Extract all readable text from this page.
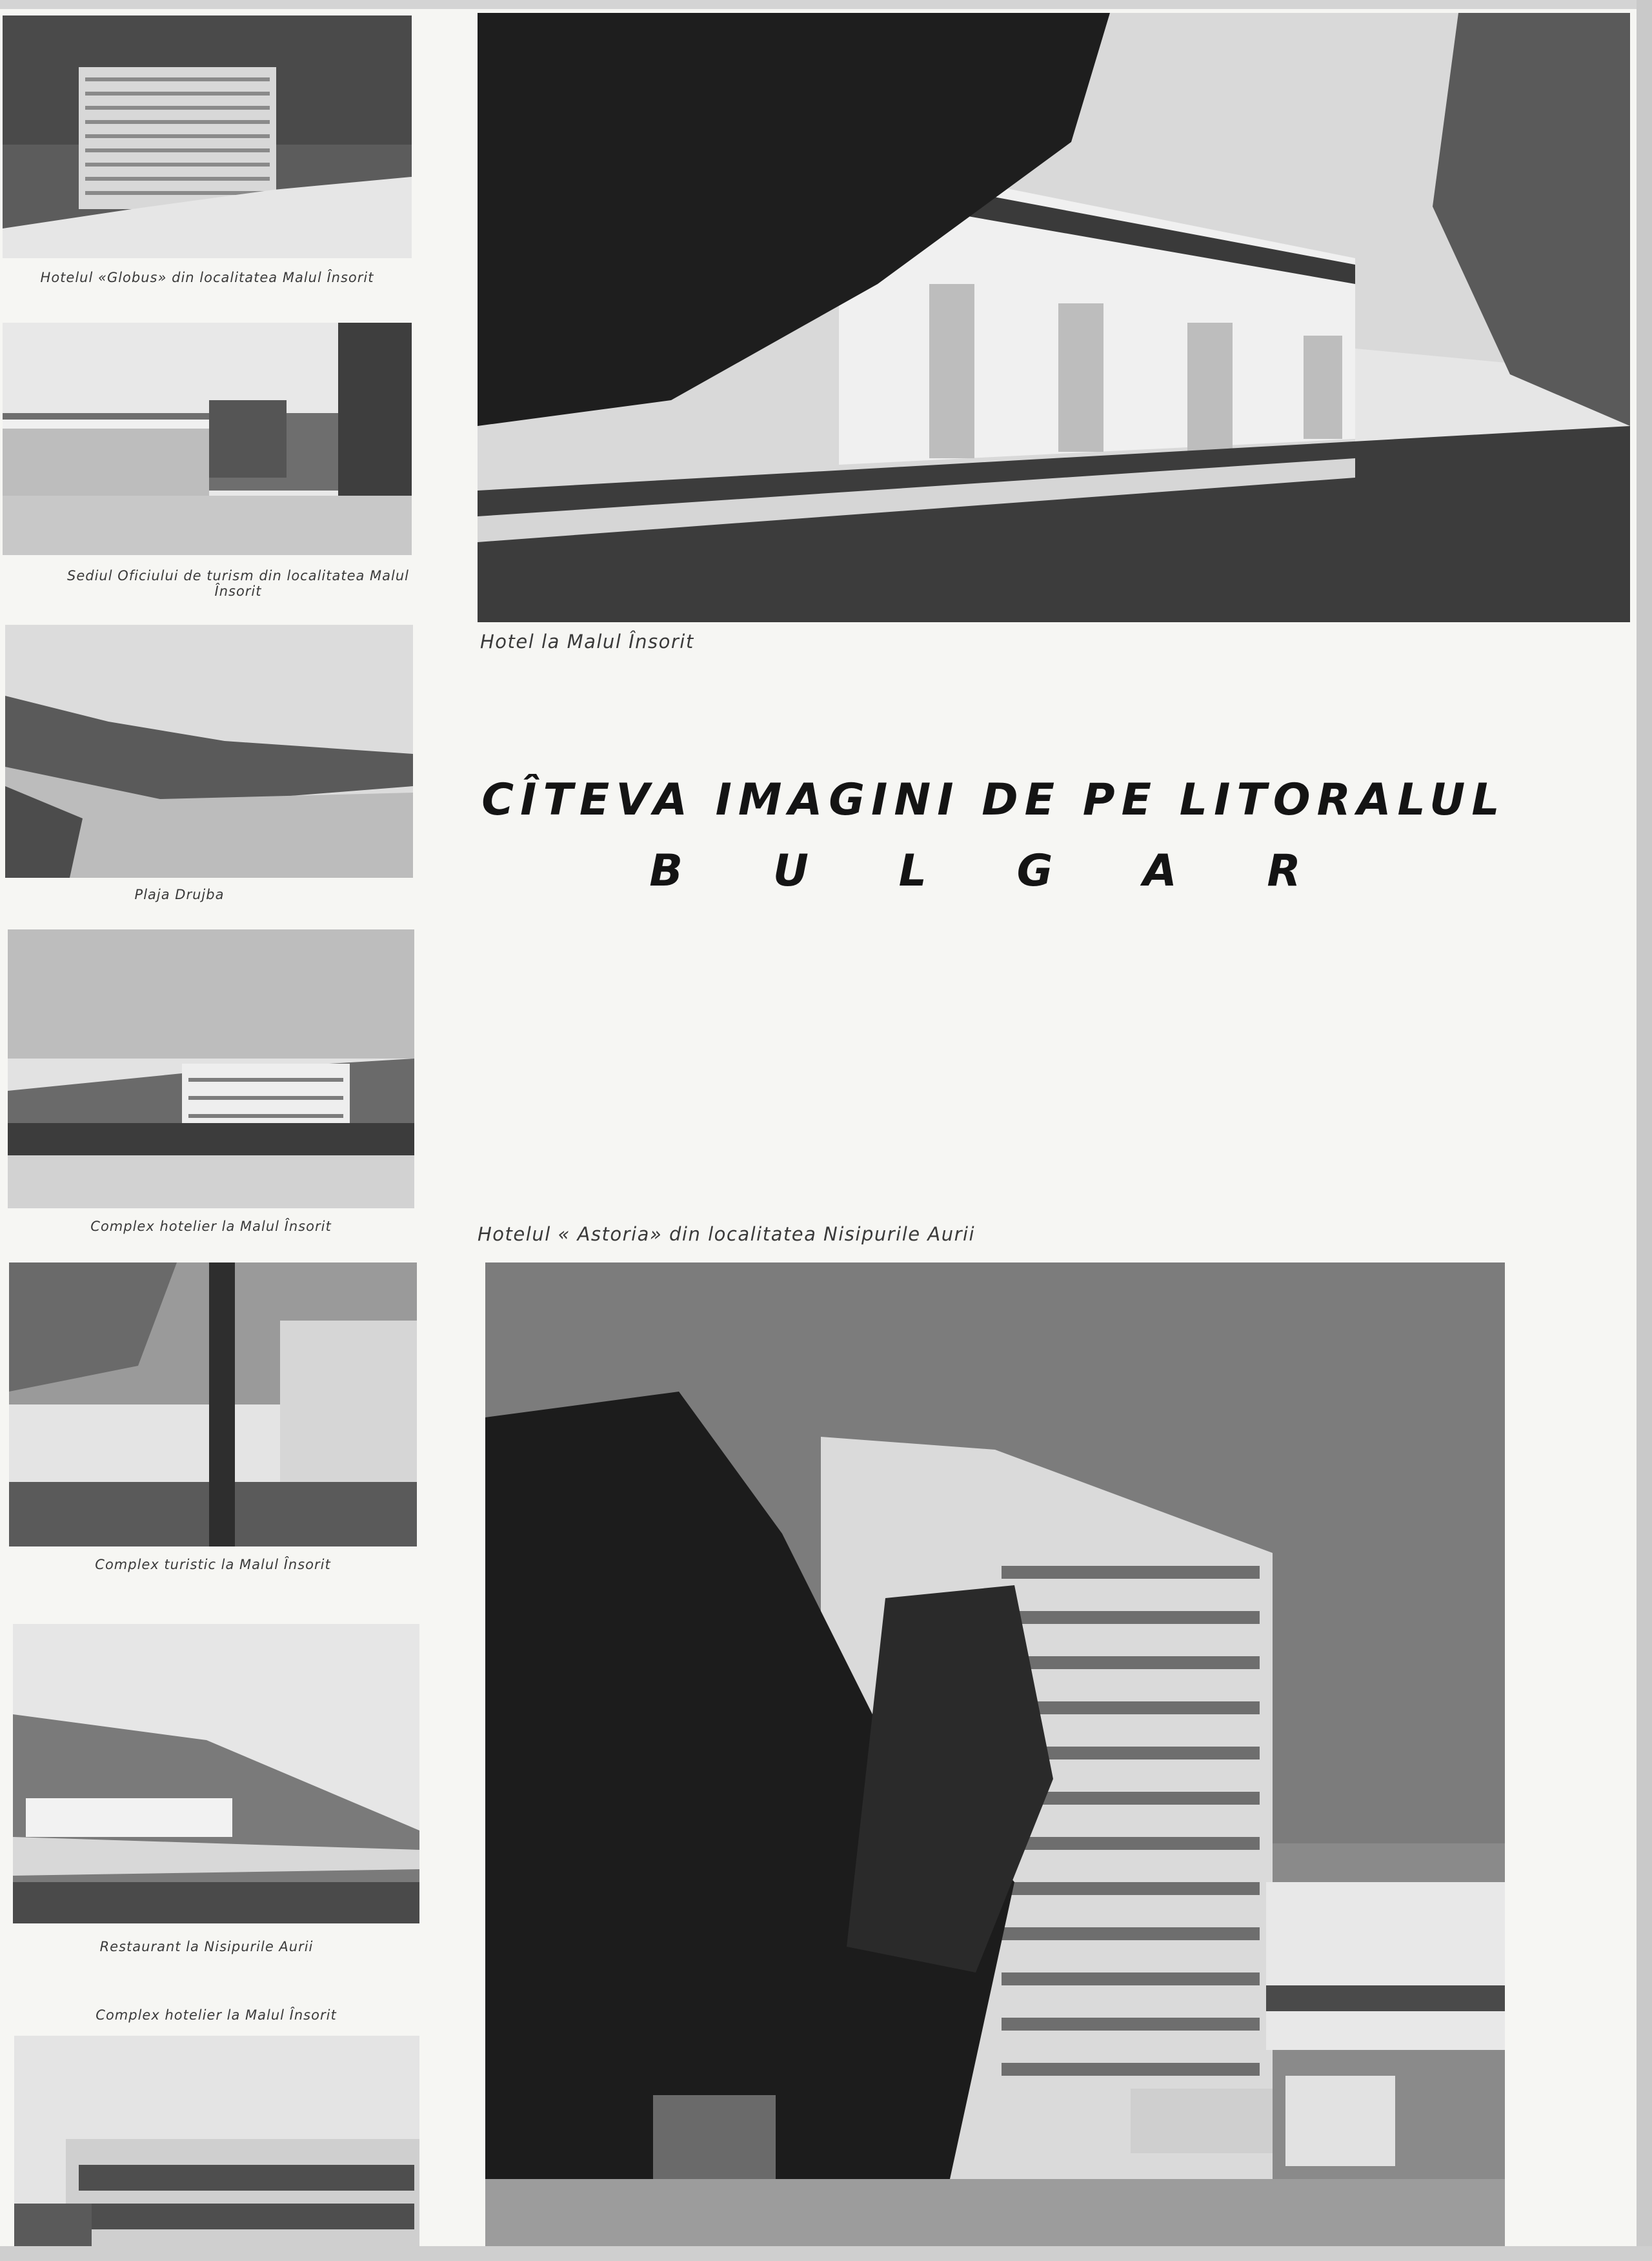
Hotelul «Globus» din localitatea Malul Însorit
Sediul Oficiului de turism din localitatea Malul Însorit
Plaja Drujba
Complex hotelier la Malul Însorit
Complex turistic la Malul Însorit
Restaurant la Nisipurile Aurii
Complex hotelier la Malul Însorit
Hotel la Malul Însorit
CÎTEVA IMAGINI DE PE LITORALUL
B U L G A R
Hotelul « Astoria» din localitatea Nisipurile Aurii
